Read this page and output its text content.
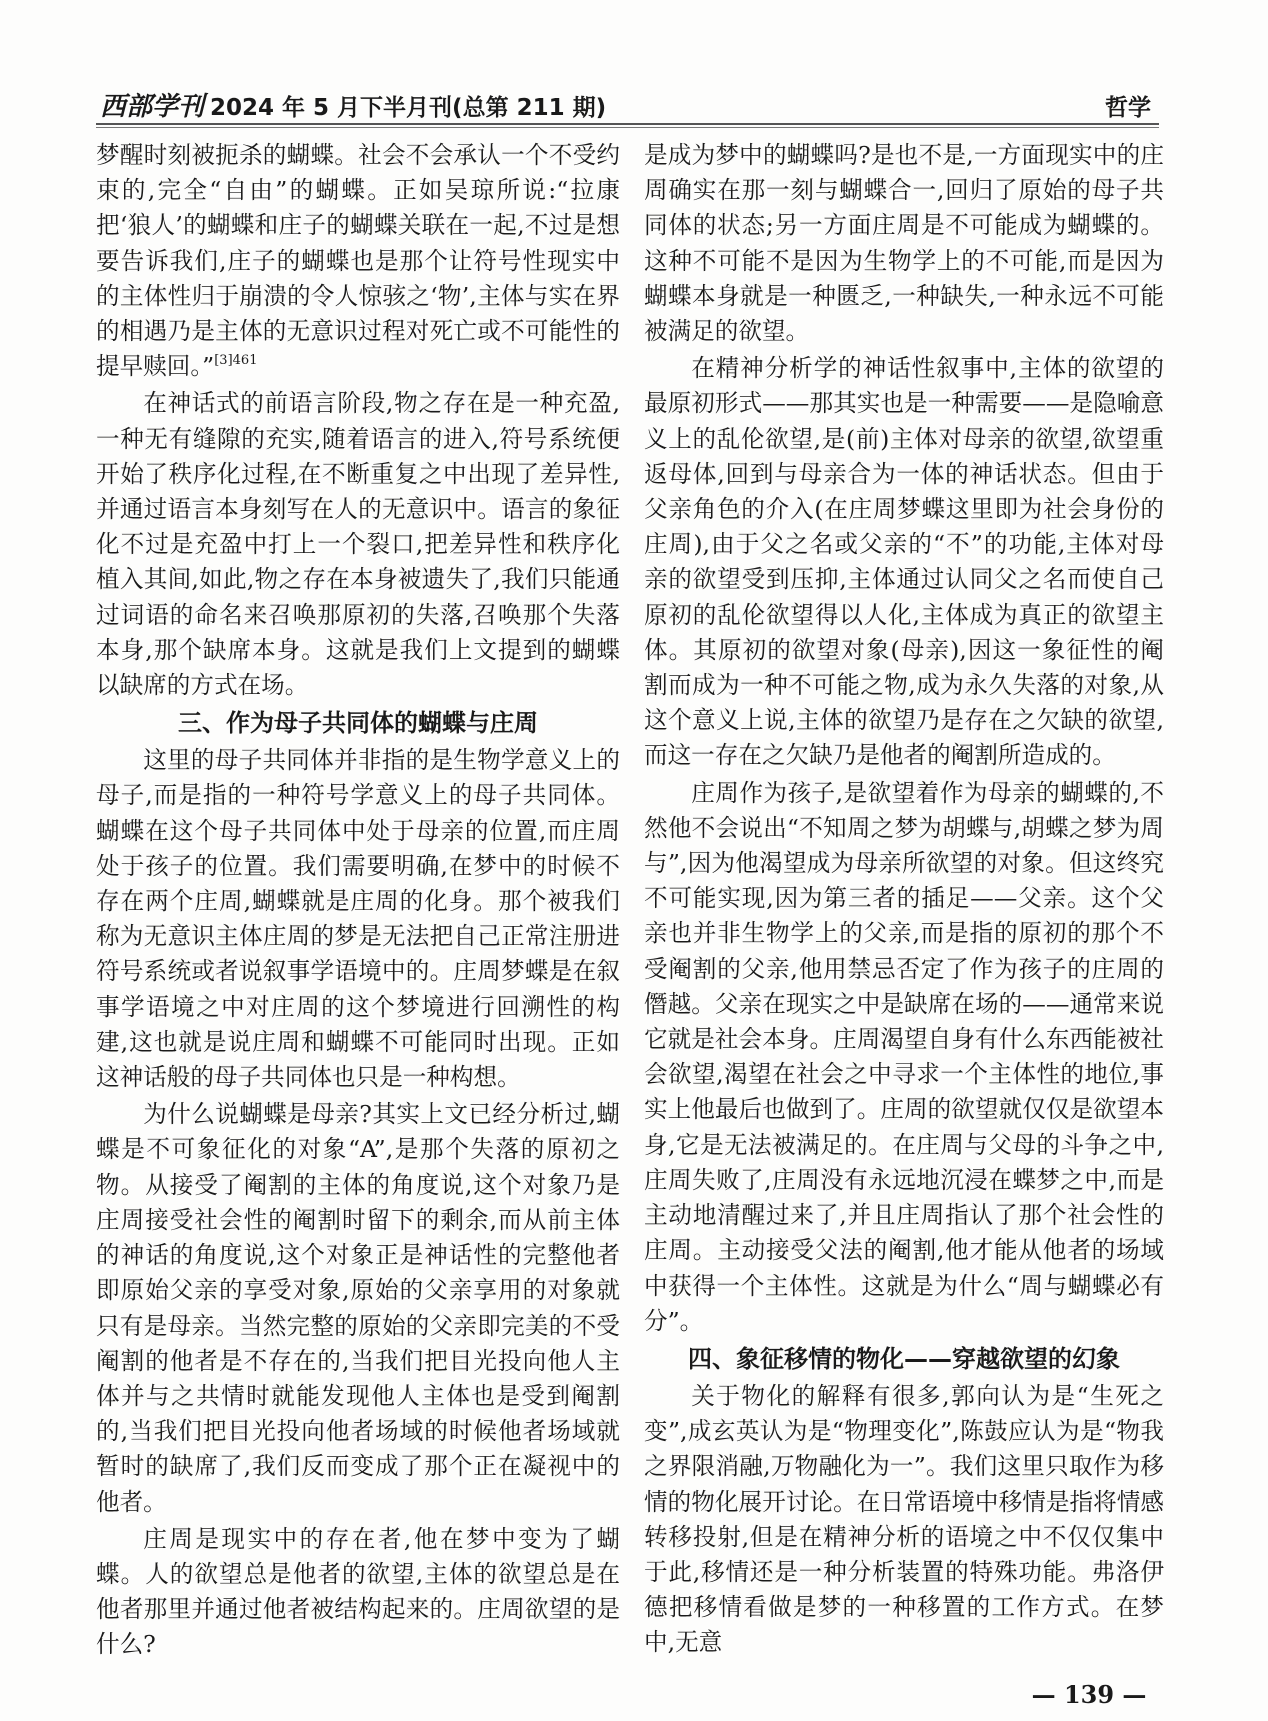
西部学刊 2024 年 5 月下半月刊(总第 211 期)	哲学

梦醒时刻被扼杀的蝴蝶。社会不会承认一个不受约束的,完全“自由”的蝴蝶。正如吴琼所说:“拉康把‘狼人’的蝴蝶和庄子的蝴蝶关联在一起,不过是想要告诉我们,庄子的蝴蝶也是那个让符号性现实中的主体性归于崩溃的令人惊骇之‘物’,主体与实在界的相遇乃是主体的无意识过程对死亡或不可能性的提早赎回。”$^{[3]461}$

在神话式的前语言阶段,物之存在是一种充盈,一种无有缝隙的充实,随着语言的进入,符号系统便开始了秩序化过程,在不断重复之中出现了差异性,并通过语言本身刻写在人的无意识中。语言的象征化不过是充盈中打上一个裂口,把差异性和秩序化植入其间,如此,物之存在本身被遗失了,我们只能通过词语的命名来召唤那原初的失落,召唤那个失落本身,那个缺席本身。这就是我们上文提到的蝴蝶以缺席的方式在场。

三、作为母子共同体的蝴蝶与庄周

这里的母子共同体并非指的是生物学意义上的母子,而是指的一种符号学意义上的母子共同体。蝴蝶在这个母子共同体中处于母亲的位置,而庄周处于孩子的位置。我们需要明确,在梦中的时候不存在两个庄周,蝴蝶就是庄周的化身。那个被我们称为无意识主体庄周的梦是无法把自己正常注册进符号系统或者说叙事学语境中的。庄周梦蝶是在叙事学语境之中对庄周的这个梦境进行回溯性的构建,这也就是说庄周和蝴蝶不可能同时出现。正如这神话般的母子共同体也只是一种构想。

为什么说蝴蝶是母亲?其实上文已经分析过,蝴蝶是不可象征化的对象“A”,是那个失落的原初之物。从接受了阉割的主体的角度说,这个对象乃是庄周接受社会性的阉割时留下的剩余,而从前主体的神话的角度说,这个对象正是神话性的完整他者即原始父亲的享受对象,原始的父亲享用的对象就只有是母亲。当然完整的原始的父亲即完美的不受阉割的他者是不存在的,当我们把目光投向他人主体并与之共情时就能发现他人主体也是受到阉割的,当我们把目光投向他者场域的时候他者场域就暂时的缺席了,我们反而变成了那个正在凝视中的他者。

庄周是现实中的存在者,他在梦中变为了蝴蝶。人的欲望总是他者的欲望,主体的欲望总是在他者那里并通过他者被结构起来的。庄周欲望的是什么?

是成为梦中的蝴蝶吗?是也不是,一方面现实中的庄周确实在那一刻与蝴蝶合一,回归了原始的母子共同体的状态;另一方面庄周是不可能成为蝴蝶的。这种不可能不是因为生物学上的不可能,而是因为蝴蝶本身就是一种匮乏,一种缺失,一种永远不可能被满足的欲望。

在精神分析学的神话性叙事中,主体的欲望的最原初形式——那其实也是一种需要——是隐喻意义上的乱伦欲望,是(前)主体对母亲的欲望,欲望重返母体,回到与母亲合为一体的神话状态。但由于父亲角色的介入(在庄周梦蝶这里即为社会身份的庄周),由于父之名或父亲的“不”的功能,主体对母亲的欲望受到压抑,主体通过认同父之名而使自己原初的乱伦欲望得以人化,主体成为真正的欲望主体。其原初的欲望对象(母亲),因这一象征性的阉割而成为一种不可能之物,成为永久失落的对象,从这个意义上说,主体的欲望乃是存在之欠缺的欲望,而这一存在之欠缺乃是他者的阉割所造成的。

庄周作为孩子,是欲望着作为母亲的蝴蝶的,不然他不会说出“不知周之梦为胡蝶与,胡蝶之梦为周与”,因为他渴望成为母亲所欲望的对象。但这终究不可能实现,因为第三者的插足——父亲。这个父亲也并非生物学上的父亲,而是指的原初的那个不受阉割的父亲,他用禁忌否定了作为孩子的庄周的僭越。父亲在现实之中是缺席在场的——通常来说它就是社会本身。庄周渴望自身有什么东西能被社会欲望,渴望在社会之中寻求一个主体性的地位,事实上他最后也做到了。庄周的欲望就仅仅是欲望本身,它是无法被满足的。在庄周与父母的斗争之中,庄周失败了,庄周没有永远地沉浸在蝶梦之中,而是主动地清醒过来了,并且庄周指认了那个社会性的庄周。主动接受父法的阉割,他才能从他者的场域中获得一个主体性。这就是为什么“周与蝴蝶必有分”。

四、象征移情的物化——穿越欲望的幻象

关于物化的解释有很多,郭向认为是“生死之变”,成玄英认为是“物理变化”,陈鼓应认为是“物我之界限消融,万物融化为一”。我们这里只取作为移情的物化展开讨论。在日常语境中移情是指将情感转移投射,但是在精神分析的语境之中不仅仅集中于此,移情还是一种分析装置的特殊功能。弗洛伊德把移情看做是梦的一种移置的工作方式。在梦中,无意

— 139 —
